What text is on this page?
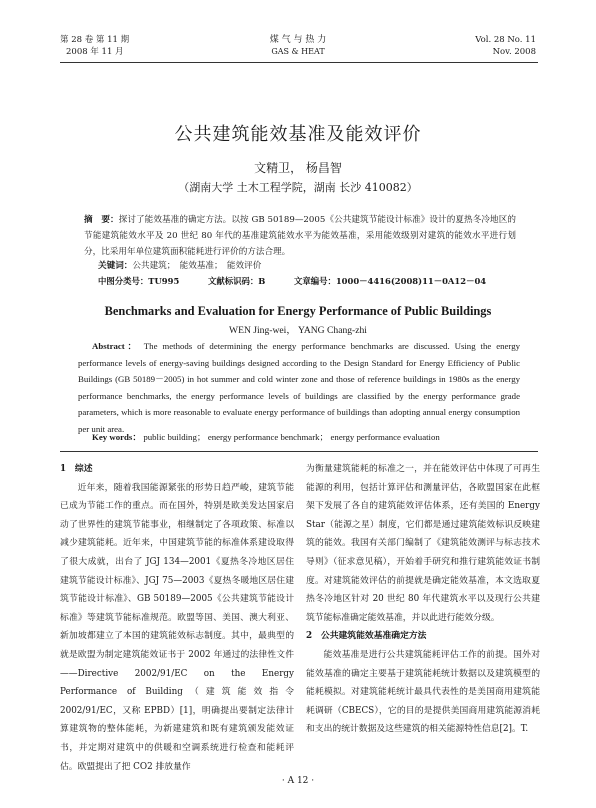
第 28 卷 第 11 期
2008 年 11 月
煤 气 与 热 力
GAS & HEAT
Vol. 28 No. 11
Nov. 2008
公共建筑能效基准及能效评价
文精卫， 杨昌智
（湖南大学 土木工程学院，湖南 长沙 410082）
摘　要：探讨了能效基准的确定方法。以按 GB 50189—2005《公共建筑节能设计标准》设计的夏热冬冷地区的节能建筑能效水平及 20 世纪 80 年代的基准建筑能效水平为能效基准，采用能效级别对建筑的能效水平进行划分，比采用年单位建筑面积能耗进行评价的方法合理。
关键词：公共建筑；　能效基准；　能效评价
中图分类号：TU995	文献标识码：B	文章编号：1000－4416(2008)11－0A12－04
Benchmarks and Evaluation for Energy Performance of Public Buildings
WEN Jing-wei， YANG Chang-zhi
Abstract： The methods of determining the energy performance benchmarks are discussed. Using the energy performance levels of energy-saving buildings designed according to the Design Standard for Energy Efficiency of Public Buildings (GB 50189－2005) in hot summer and cold winter zone and those of reference buildings in 1980s as the energy performance benchmarks, the energy performance levels of buildings are classified by the energy performance grade parameters, which is more reasonable to evaluate energy performance of buildings than adopting annual energy consumption per unit area.
Key words： public building； energy performance benchmark； energy performance evaluation
1　综述

近年来，随着我国能源紧张的形势日趋严峻，建筑节能已成为节能工作的重点。而在国外，特别是欧美发达国家启动了世界性的建筑节能事业，相继制定了各项政策、标准以减少建筑能耗。近年来，中国建筑节能的标准体系建设取得了很大成就，出台了 JGJ 134—2001《夏热冬冷地区居住建筑节能设计标准》、JGJ 75—2003《夏热冬暖地区居住建筑节能设计标准》、GB 50189—2005《公共建筑节能设计标准》等建筑节能标准规范。欧盟等国、美国、澳大利亚、新加坡都建立了本国的建筑能效标志制度。其中，最典型的就是欧盟为制定建筑能效证书于 2002 年通过的法律性文件——Directive 2002/91/EC on the Energy Performance of Building（建筑能效指令 2002/91/EC，又称 EPBD）[1]，明确提出要制定法律计算建筑物的整体能耗，为新建建筑和既有建筑颁发能效证书，并定期对建筑中的供暖和空调系统进行检查和能耗评估。欧盟提出了把 CO2 排放量作

为衡量建筑能耗的标准之一，并在能效评估中体现了可再生能源的利用，包括计算评估和测量评估，各欧盟国家在此框架下发展了各自的建筑能效评估体系，还有美国的 Energy Star（能源之星）制度，它们都是通过建筑能效标识反映建筑的能效。我国有关部门编制了《建筑能效测评与标志技术导则》（征求意见稿），开始着手研究和推行建筑能效证书制度。对建筑能效评估的前提就是确定能效基准，本文选取夏热冬冷地区针对 20 世纪 80 年代建筑水平以及现行公共建筑节能标准确定能效基准，并以此进行能效分级。

2　公共建筑能效基准确定方法

能效基准是进行公共建筑能耗评估工作的前提。国外对能效基准的确定主要基于建筑能耗统计数据以及建筑模型的能耗模拟。对建筑能耗统计最具代表性的是美国商用建筑能耗调研（CBECS），它的目的是提供美国商用建筑能源消耗和支出的统计数据及这些建筑的相关能源特性信息[2]。T.

· A 12 ·
